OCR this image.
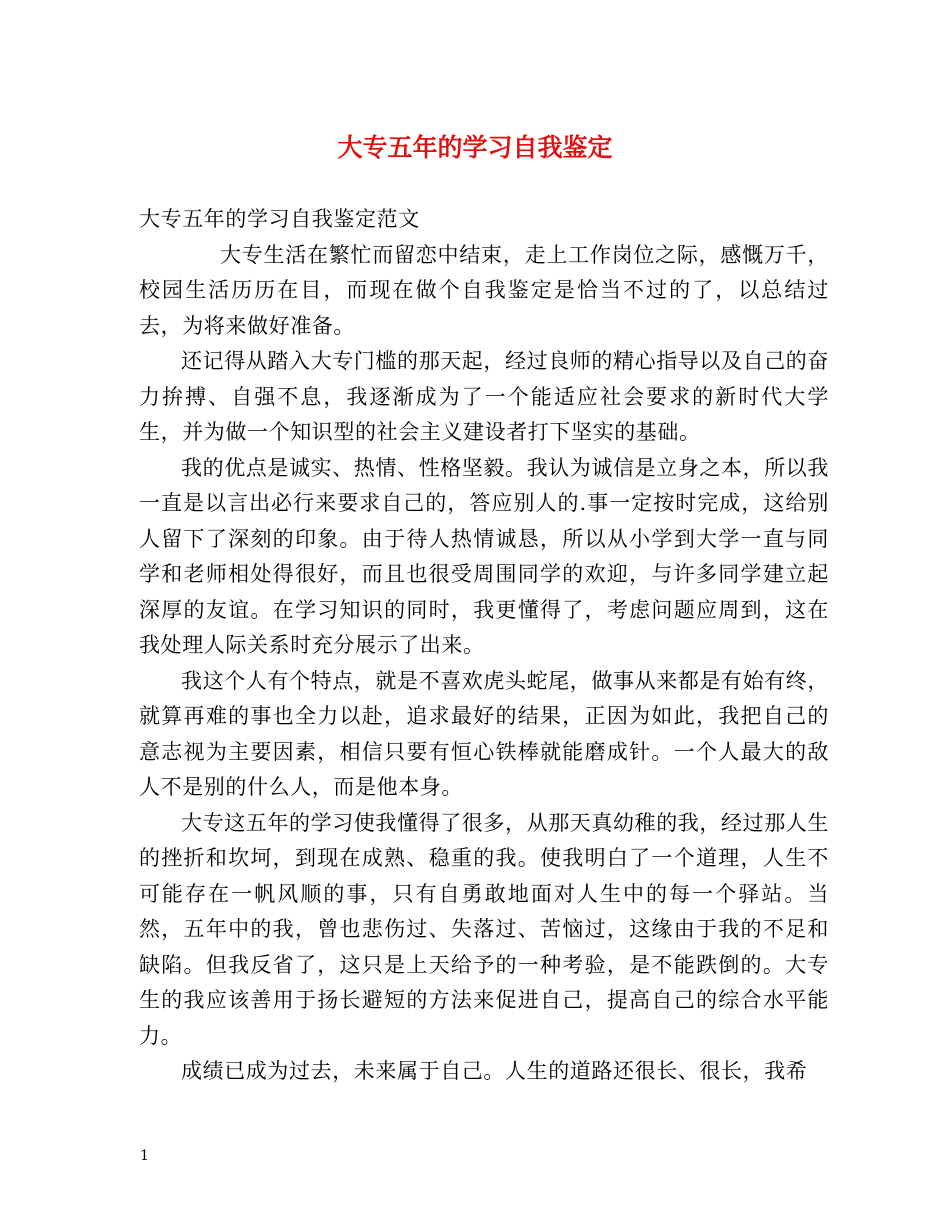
大专五年的学习自我鉴定

大专五年的学习自我鉴定范文

大专生活在繁忙而留恋中结束，走上工作岗位之际，感慨万千，校园生活历历在目，而现在做个自我鉴定是恰当不过的了，以总结过去，为将来做好准备。

还记得从踏入大专门槛的那天起，经过良师的精心指导以及自己的奋力拚搏、自强不息，我逐渐成为了一个能适应社会要求的新时代大学生，并为做一个知识型的社会主义建设者打下坚实的基础。

我的优点是诚实、热情、性格坚毅。我认为诚信是立身之本，所以我一直是以言出必行来要求自己的，答应别人的.事一定按时完成，这给别人留下了深刻的印象。由于待人热情诚恳，所以从小学到大学一直与同学和老师相处得很好，而且也很受周围同学的欢迎，与许多同学建立起深厚的友谊。在学习知识的同时，我更懂得了，考虑问题应周到，这在我处理人际关系时充分展示了出来。

我这个人有个特点，就是不喜欢虎头蛇尾，做事从来都是有始有终，就算再难的事也全力以赴，追求最好的结果，正因为如此，我把自己的意志视为主要因素，相信只要有恒心铁棒就能磨成针。一个人最大的敌人不是别的什么人，而是他本身。

大专这五年的学习使我懂得了很多，从那天真幼稚的我，经过那人生的挫折和坎坷，到现在成熟、稳重的我。使我明白了一个道理，人生不可能存在一帆风顺的事，只有自勇敢地面对人生中的每一个驿站。当然，五年中的我，曾也悲伤过、失落过、苦恼过，这缘由于我的不足和缺陷。但我反省了，这只是上天给予的一种考验，是不能跌倒的。大专生的我应该善用于扬长避短的方法来促进自己，提高自己的综合水平能力。

成绩已成为过去，未来属于自己。人生的道路还很长、很长，我希

1
